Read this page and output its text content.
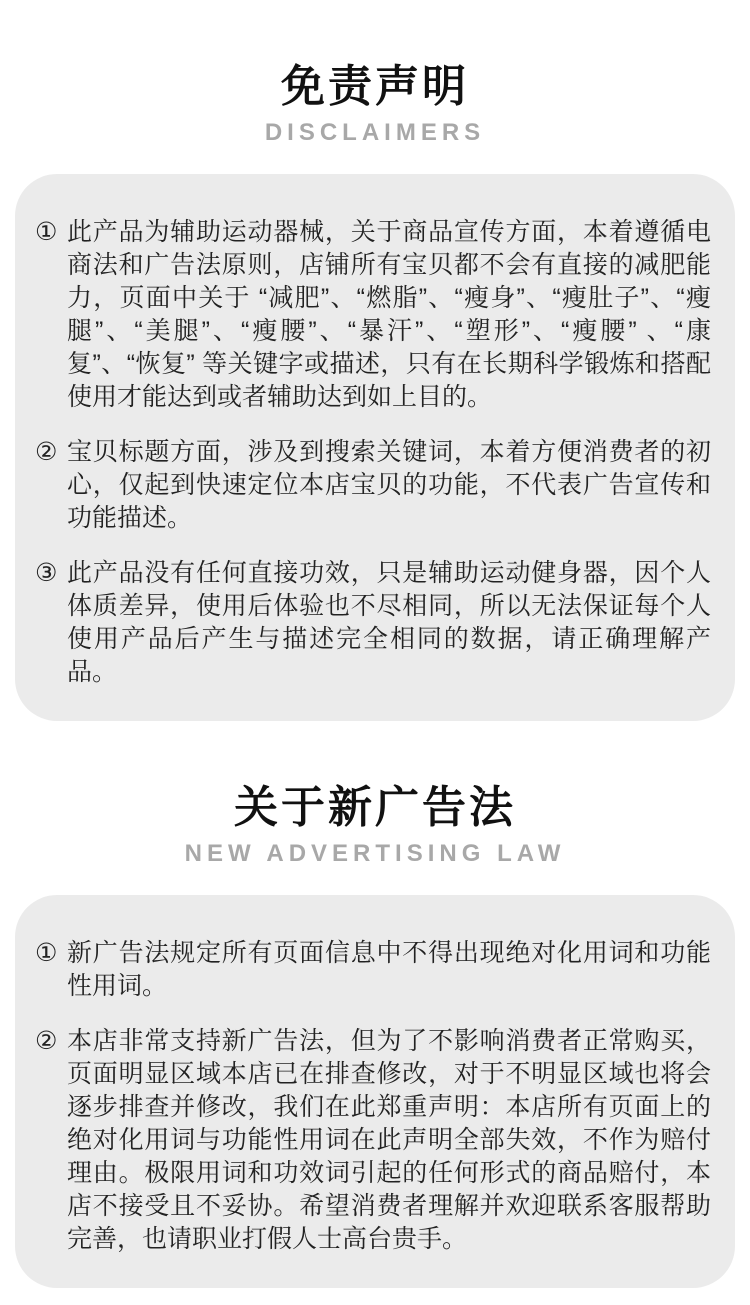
免责声明
DISCLAIMERS
① 此产品为辅助运动器械，关于商品宣传方面，本着遵循电商法和广告法原则，店铺所有宝贝都不会有直接的减肥能力，页面中关于 “减肥”、“燃脂”、“瘦身”、“瘦肚子”、“瘦腿”、“美腿”、“瘦腰”、“暴汗”、“塑形”、“瘦腰” 、“康复”、“恢复” 等关键字或描述，只有在长期科学锻炼和搭配使用才能达到或者辅助达到如上目的。

② 宝贝标题方面，涉及到搜索关键词，本着方便消费者的初心，仅起到快速定位本店宝贝的功能，不代表广告宣传和功能描述。

③ 此产品没有任何直接功效，只是辅助运动健身器，因个人体质差异，使用后体验也不尽相同，所以无法保证每个人使用产品后产生与描述完全相同的数据，请正确理解产品。

关于新广告法
NEW ADVERTISING LAW
① 新广告法规定所有页面信息中不得出现绝对化用词和功能性用词。

② 本店非常支持新广告法，但为了不影响消费者正常购买，页面明显区域本店已在排查修改，对于不明显区域也将会逐步排查并修改，我们在此郑重声明：本店所有页面上的绝对化用词与功能性用词在此声明全部失效，不作为赔付理由。极限用词和功效词引起的任何形式的商品赔付，本店不接受且不妥协。希望消费者理解并欢迎联系客服帮助完善，也请职业打假人士高台贵手。
